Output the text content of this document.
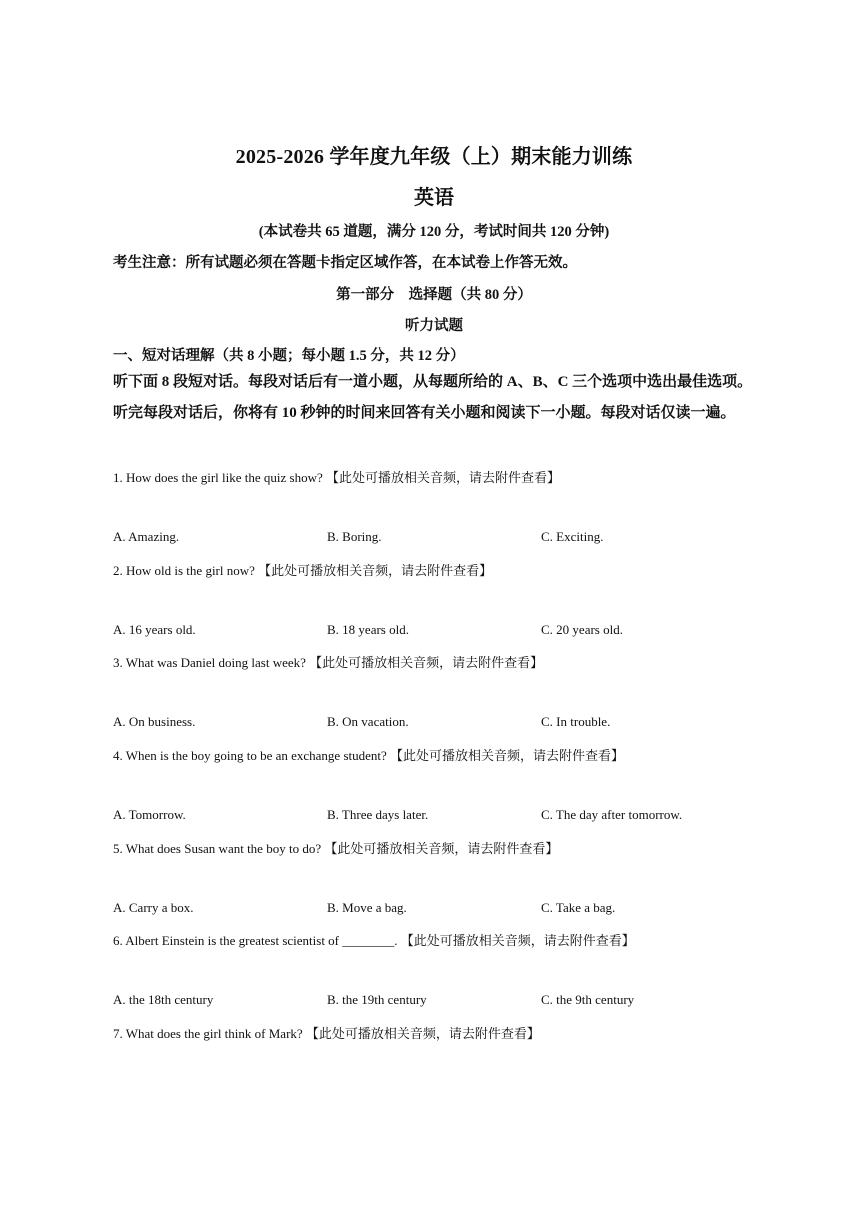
2025-2026 学年度九年级（上）期末能力训练
英语
(本试卷共 65 道题，满分 120 分，考试时间共 120 分钟)
考生注意：所有试题必须在答题卡指定区域作答，在本试卷上作答无效。
第一部分　选择题（共 80 分）
听力试题
一、短对话理解（共 8 小题；每小题 1.5 分，共 12 分）
听下面 8 段短对话。每段对话后有一道小题，从每题所给的 A、B、C 三个选项中选出最佳选项。听完每段对话后，你将有 10 秒钟的时间来回答有关小题和阅读下一小题。每段对话仅读一遍。
1. How does the girl like the quiz show? 【此处可播放相关音频，请去附件查看】
A. Amazing.	B. Boring.	C. Exciting.
2. How old is the girl now? 【此处可播放相关音频，请去附件查看】
A. 16 years old.	B. 18 years old.	C. 20 years old.
3. What was Daniel doing last week? 【此处可播放相关音频，请去附件查看】
A. On business.	B. On vacation.	C. In trouble.
4. When is the boy going to be an exchange student? 【此处可播放相关音频，请去附件查看】
A. Tomorrow.	B. Three days later.	C. The day after tomorrow.
5. What does Susan want the boy to do? 【此处可播放相关音频，请去附件查看】
A. Carry a box.	B. Move a bag.	C. Take a bag.
6. Albert Einstein is the greatest scientist of ________. 【此处可播放相关音频，请去附件查看】
A. the 18th century	B. the 19th century	C. the 9th century
7. What does the girl think of Mark? 【此处可播放相关音频，请去附件查看】
